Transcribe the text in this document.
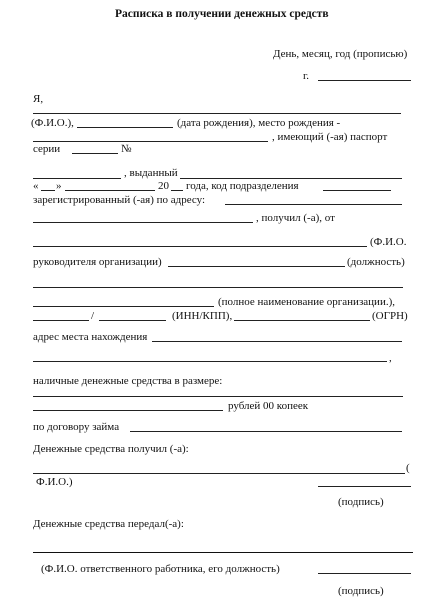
Расписка в получении денежных средств
День, месяц, год (прописью)
г.
Я,
(Ф.И.О.),	(дата рождения), место рождения -
, имеющий (-ая) паспорт
серии	№
, выданный
« »	20 года, код подразделения
зарегистрированный (-ая) по адресу:
, получил (-а), от
(Ф.И.О.
руководителя организации)	(должность)
(полное наименование организации.),
/	(ИНН/КПП),	(ОГРН)
адрес места нахождения
,
наличные денежные средства в размере:
рублей 00 копеек
по договору займа
Денежные средства получил (-а):
(
Ф.И.О.)
(подпись)
Денежные средства передал(-а):
(Ф.И.О. ответственного работника, его должность)
(подпись)
